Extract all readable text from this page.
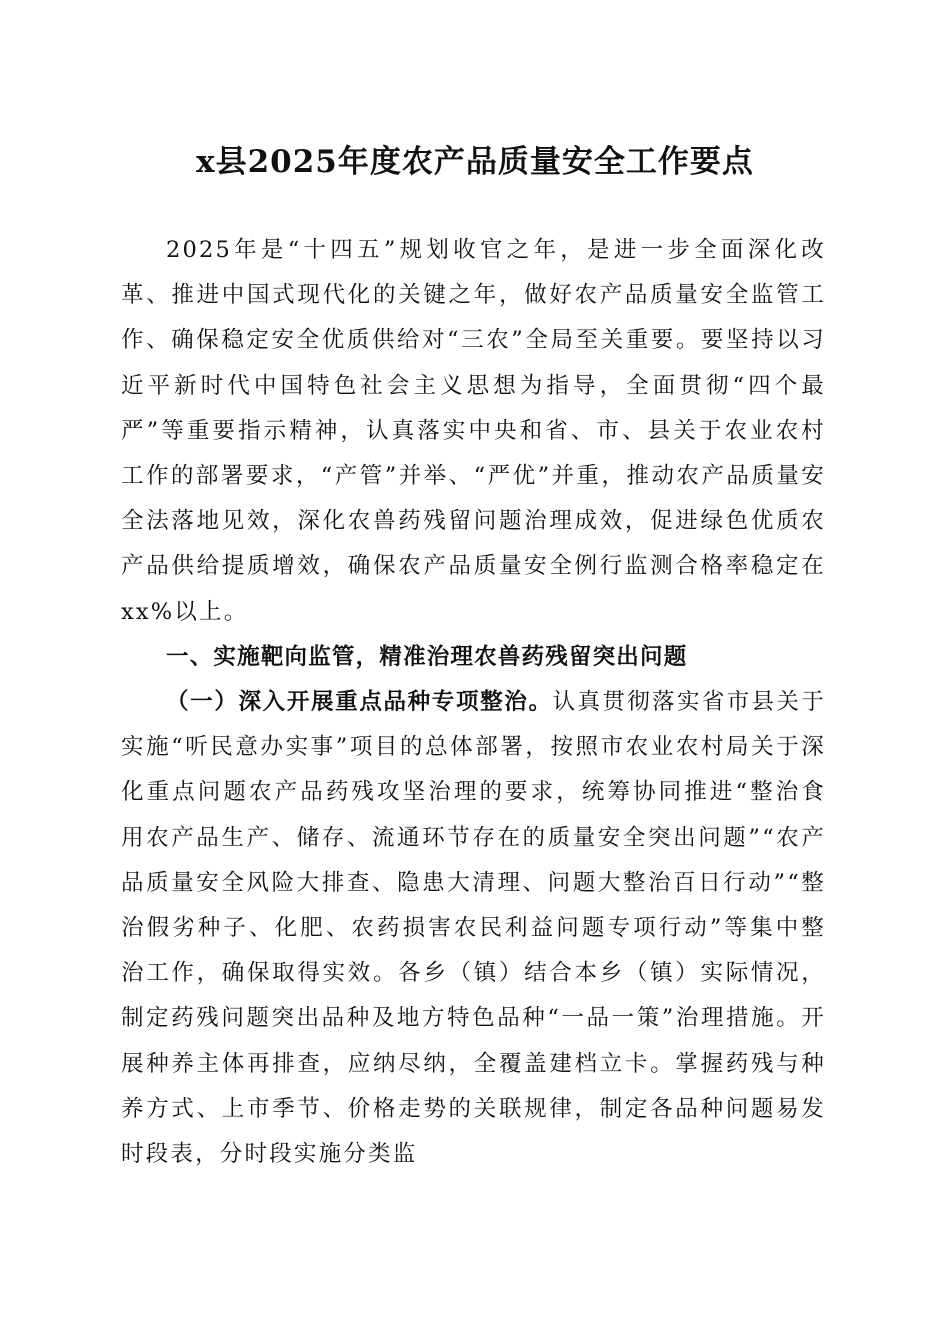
x县2025年度农产品质量安全工作要点

2025年是“十四五”规划收官之年，是进一步全面深化改革、推进中国式现代化的关键之年，做好农产品质量安全监管工作、确保稳定安全优质供给对“三农”全局至关重要。要坚持以习近平新时代中国特色社会主义思想为指导，全面贯彻“四个最严”等重要指示精神，认真落实中央和省、市、县关于农业农村工作的部署要求，“产管”并举、“严优”并重，推动农产品质量安全法落地见效，深化农兽药残留问题治理成效，促进绿色优质农产品供给提质增效，确保农产品质量安全例行监测合格率稳定在xx%以上。

一、实施靶向监管，精准治理农兽药残留突出问题

（一）深入开展重点品种专项整治。认真贯彻落实省市县关于实施“听民意办实事”项目的总体部署，按照市农业农村局关于深化重点问题农产品药残攻坚治理的要求，统筹协同推进“整治食用农产品生产、储存、流通环节存在的质量安全突出问题”“农产品质量安全风险大排查、隐患大清理、问题大整治百日行动”“整治假劣种子、化肥、农药损害农民利益问题专项行动”等集中整治工作，确保取得实效。各乡（镇）结合本乡（镇）实际情况，制定药残问题突出品种及地方特色品种“一品一策”治理措施。开展种养主体再排查，应纳尽纳，全覆盖建档立卡。掌握药残与种养方式、上市季节、价格走势的关联规律，制定各品种问题易发时段表，分时段实施分类监
